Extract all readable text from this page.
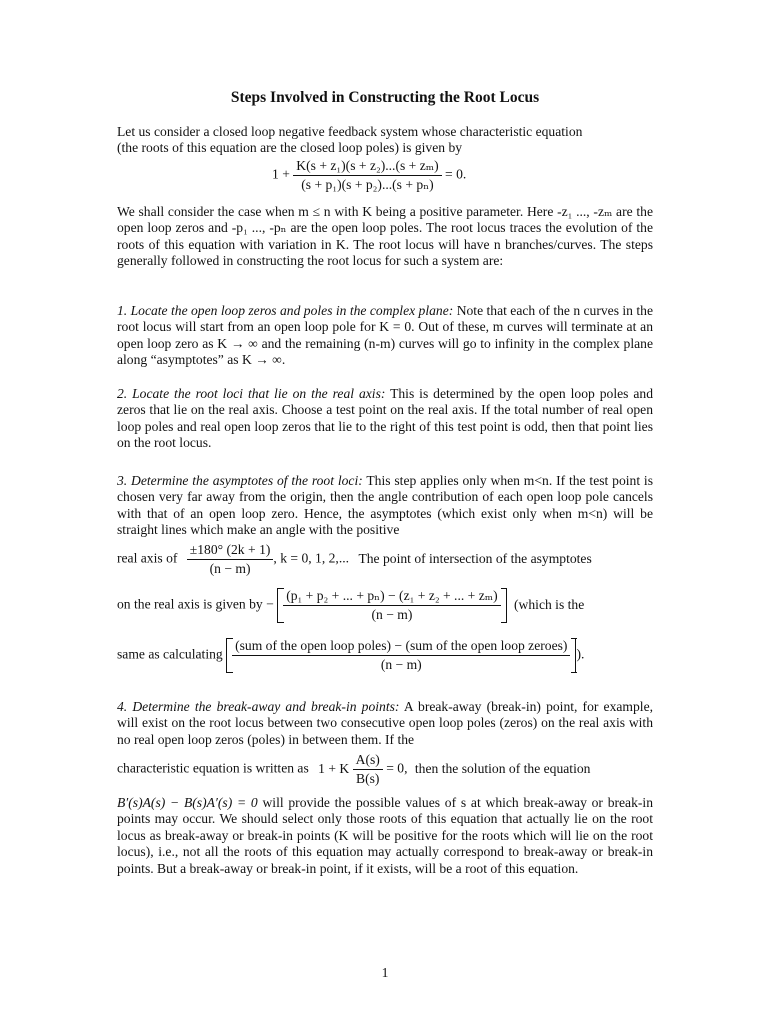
Steps Involved in Constructing the Root Locus
Let us consider a closed loop negative feedback system whose characteristic equation
(the roots of this equation are the closed loop poles) is given by
$1 + \frac{\text{K(s + z₁)(s + z₂)...(s + zₘ)}}{\text{(s + p₁)(s + p₂)...(s + pₙ)}} = 0$.
We shall consider the case when m ≤ n with K being a positive parameter. Here -z₁ ..., -zₘ are the open loop zeros and -p₁ ..., -pₙ are the open loop poles. The root locus traces the evolution of the roots of this equation with variation in K. The root locus will have n branches/curves. The steps generally followed in constructing the root locus for such a system are:
1. Locate the open loop zeros and poles in the complex plane: Note that each of the n curves in the root locus will start from an open loop pole for K = 0. Out of these, m curves will terminate at an open loop zero as K → ∞ and the remaining (n-m) curves will go to infinity in the complex plane along “asymptotes” as K → ∞.
2. Locate the root loci that lie on the real axis: This is determined by the open loop poles and zeros that lie on the real axis. Choose a test point on the real axis. If the total number of real open loop poles and real open loop zeros that lie to the right of this test point is odd, then that point lies on the root locus.
3. Determine the asymptotes of the root loci: This step applies only when m<n. If the test point is chosen very far away from the origin, then the angle contribution of each open loop pole cancels with that of an open loop zero. Hence, the asymptotes (which exist only when m<n) will be straight lines which make an angle with the positive
real axis of $\frac{\pm 180^\circ (2k + 1)}{(n - m)}$ , k = 0, 1, 2,... The point of intersection of the asymptotes
on the real axis is given by − $\frac{\text{(p₁ + p₂ + ... + pₙ) − (z₁ + z₂ + ... + zₘ)}}{(n - m)}$ (which is the
same as calculating $\frac{\text{(sum of the open loop poles) − (sum of the open loop zeroes)}}{(n - m)}$ ).
4. Determine the break-away and break-in points: A break-away (break-in) point, for example, will exist on the root locus between two consecutive open loop poles (zeros) on the real axis with no real open loop zeros (poles) in between them. If the
characteristic equation is written as 1 + K $\frac{A(s)}{B(s)} = 0$, then the solution of the equation
B′(s)A(s) − B(s)A′(s) = 0 will provide the possible values of s at which break-away or break-in points may occur. We should select only those roots of this equation that actually lie on the root locus as break-away or break-in points (K will be positive for the roots which will lie on the root locus), i.e., not all the roots of this equation may actually correspond to break-away or break-in points. But a break-away or break-in point, if it exists, will be a root of this equation.
1
